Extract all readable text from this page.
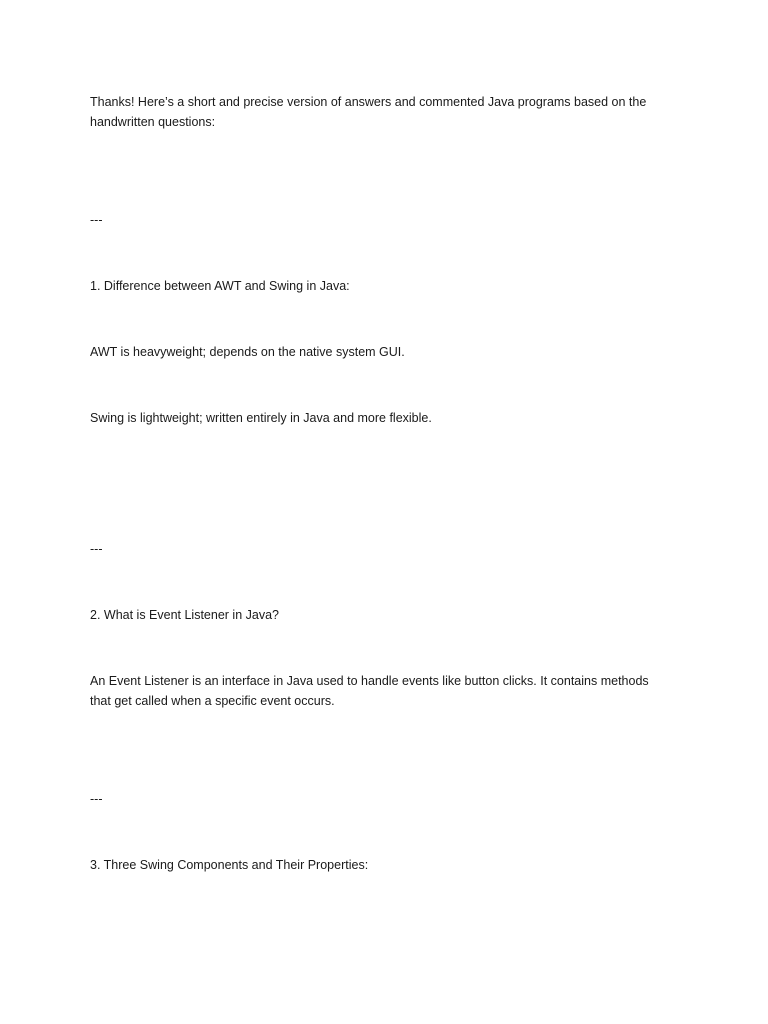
Thanks! Here’s a short and precise version of answers and commented Java programs based on the handwritten questions:

---

1. Difference between AWT and Swing in Java:

AWT is heavyweight; depends on the native system GUI.

Swing is lightweight; written entirely in Java and more flexible.

---

2. What is Event Listener in Java?

An Event Listener is an interface in Java used to handle events like button clicks. It contains methods that get called when a specific event occurs.

---

3. Three Swing Components and Their Properties:
